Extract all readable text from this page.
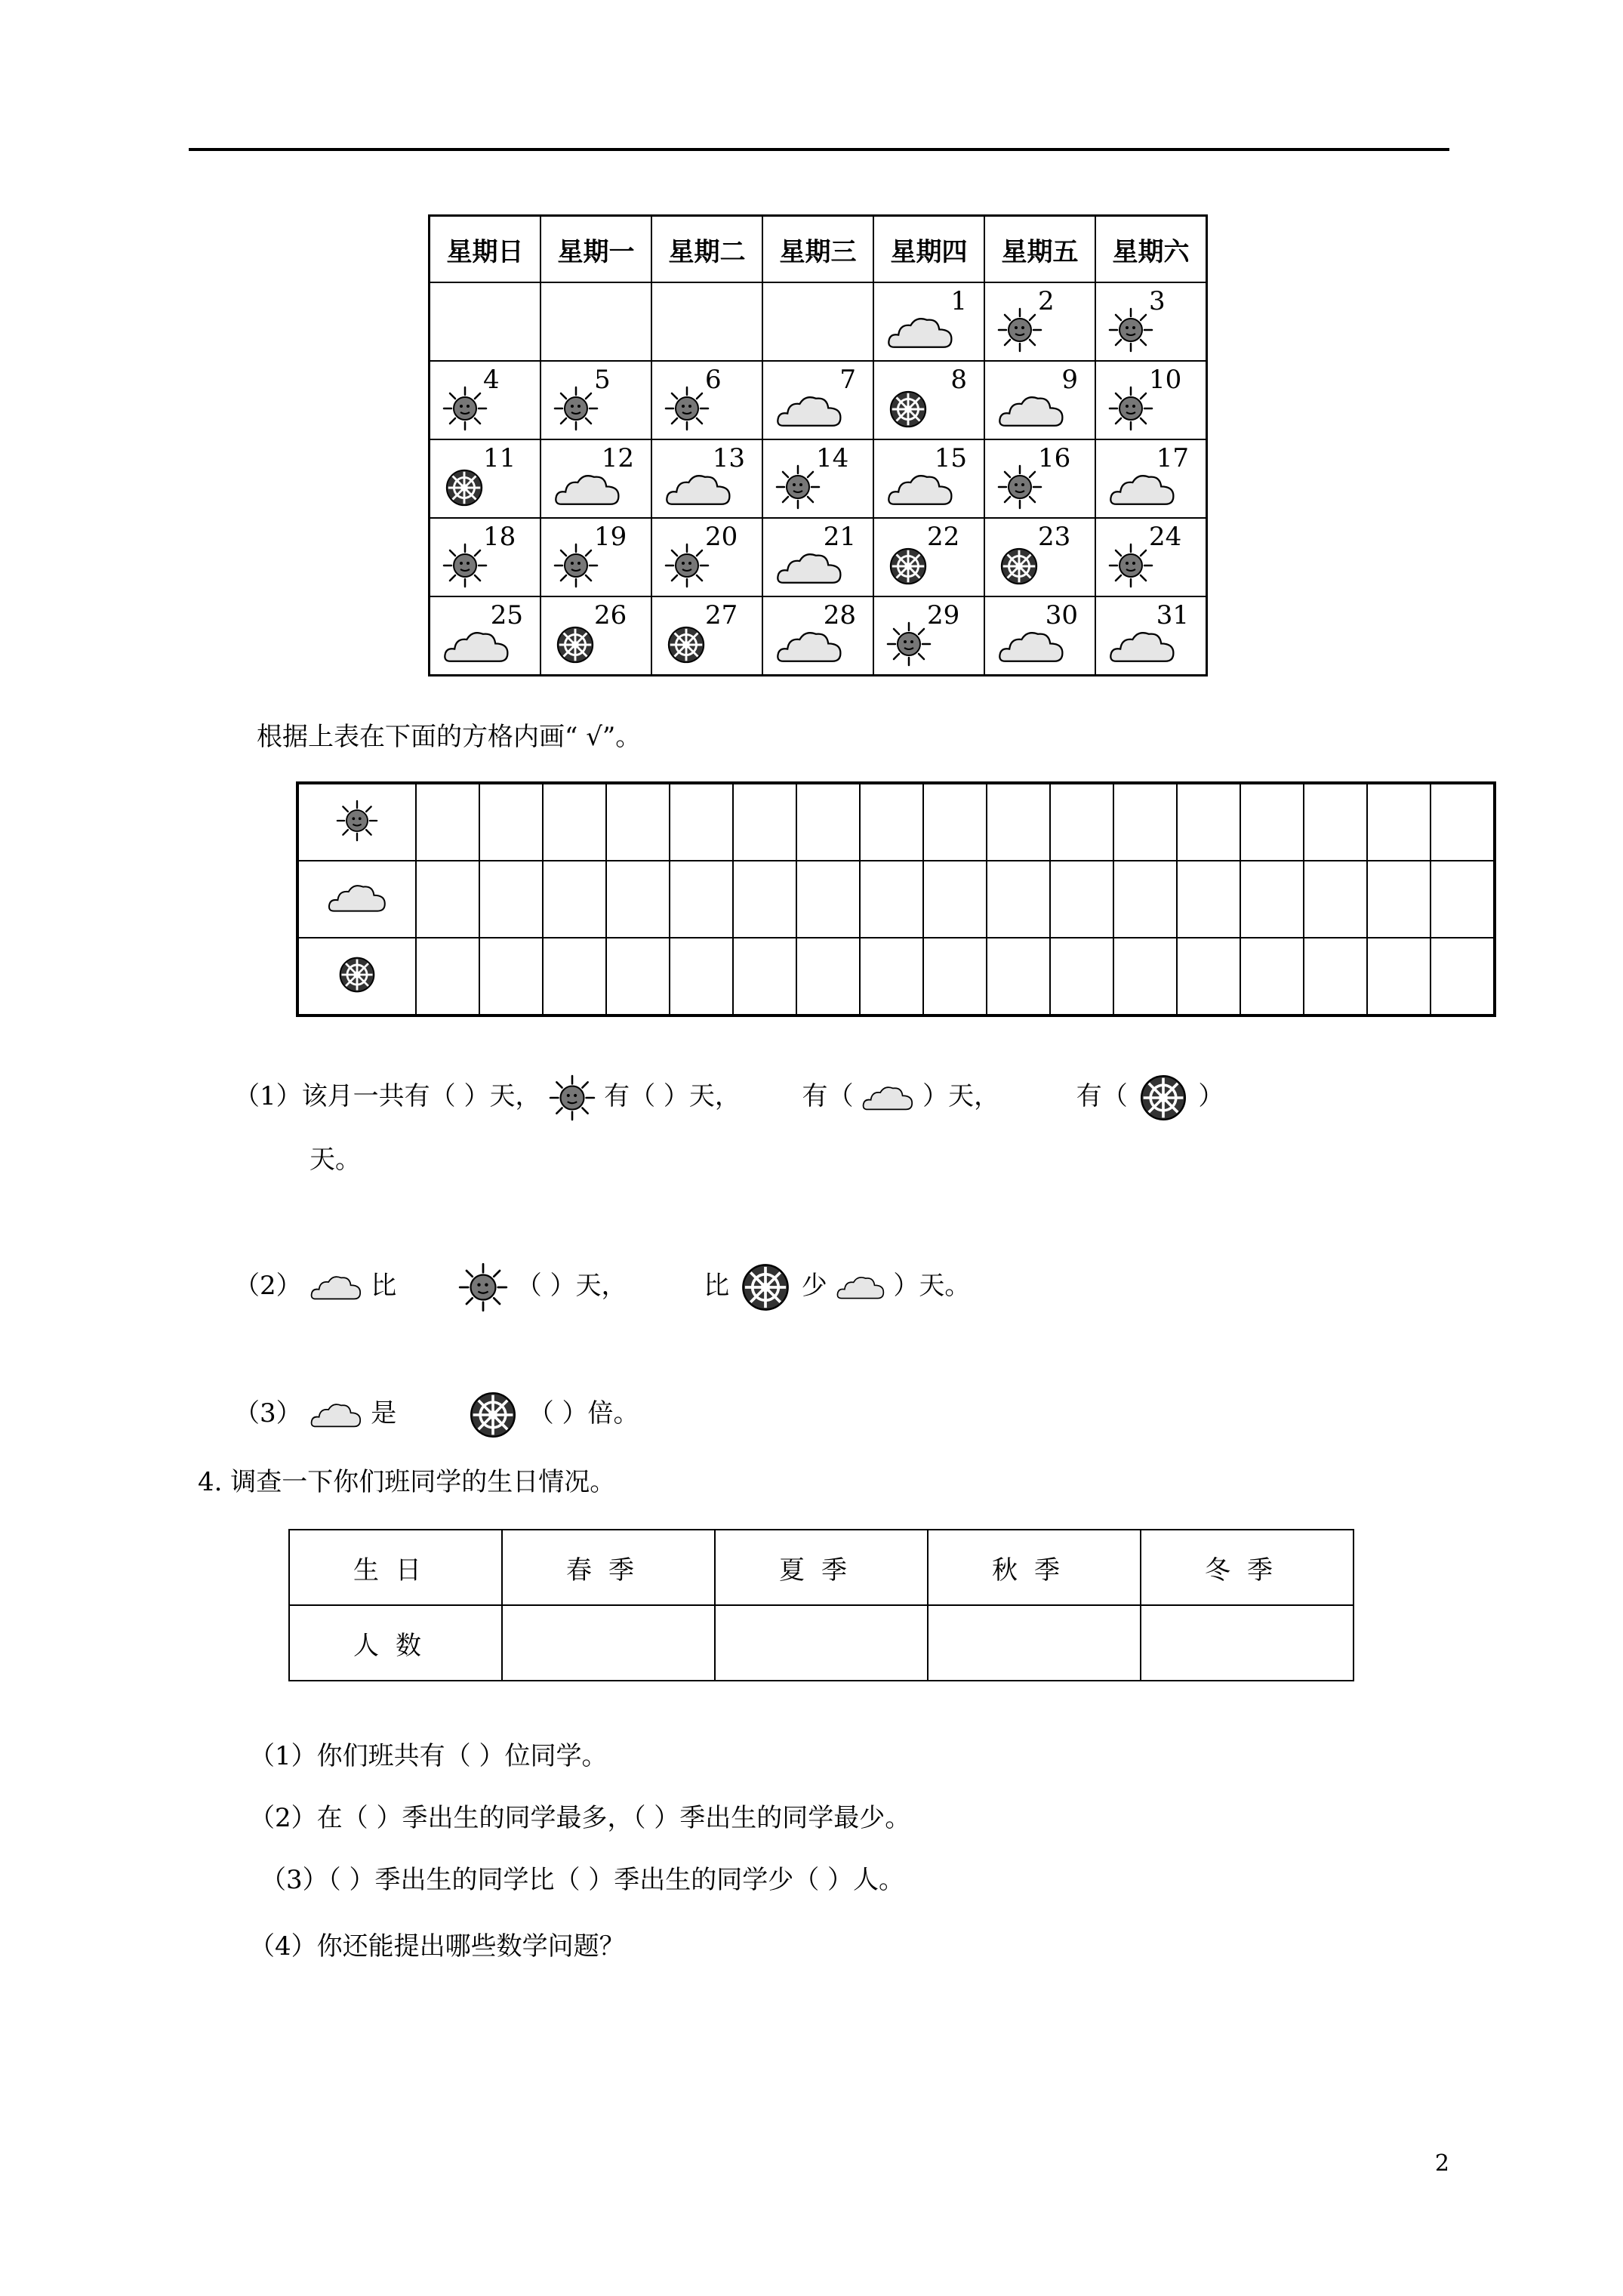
星期日	星期一	星期二	星期三	星期四	星期五	星期六

				1	2	3

4	5	6	7	8	9	10

11	12	13	14	15	16	17

18	19	20	21	22	23	24

25	26	27	28	29	30	31
根据上表在下面的方格内画“ √”。

（1）该月一共有（ ）天， 有（ ）天， 有（	）天，	有（	）
天。
（2）	比	（ ）天，	比	少	）天。
（3）	是	（ ）倍。
4. 调查一下你们班同学的生日情况。
生日	春季	夏季	秋季	冬季
人数				
（1）你们班共有（ ）位同学。
（2）在（ ）季出生的同学最多，（ ）季出生的同学最少。
（3）（ ）季出生的同学比（ ）季出生的同学少（ ）人。
（4）你还能提出哪些数学问题？
2
